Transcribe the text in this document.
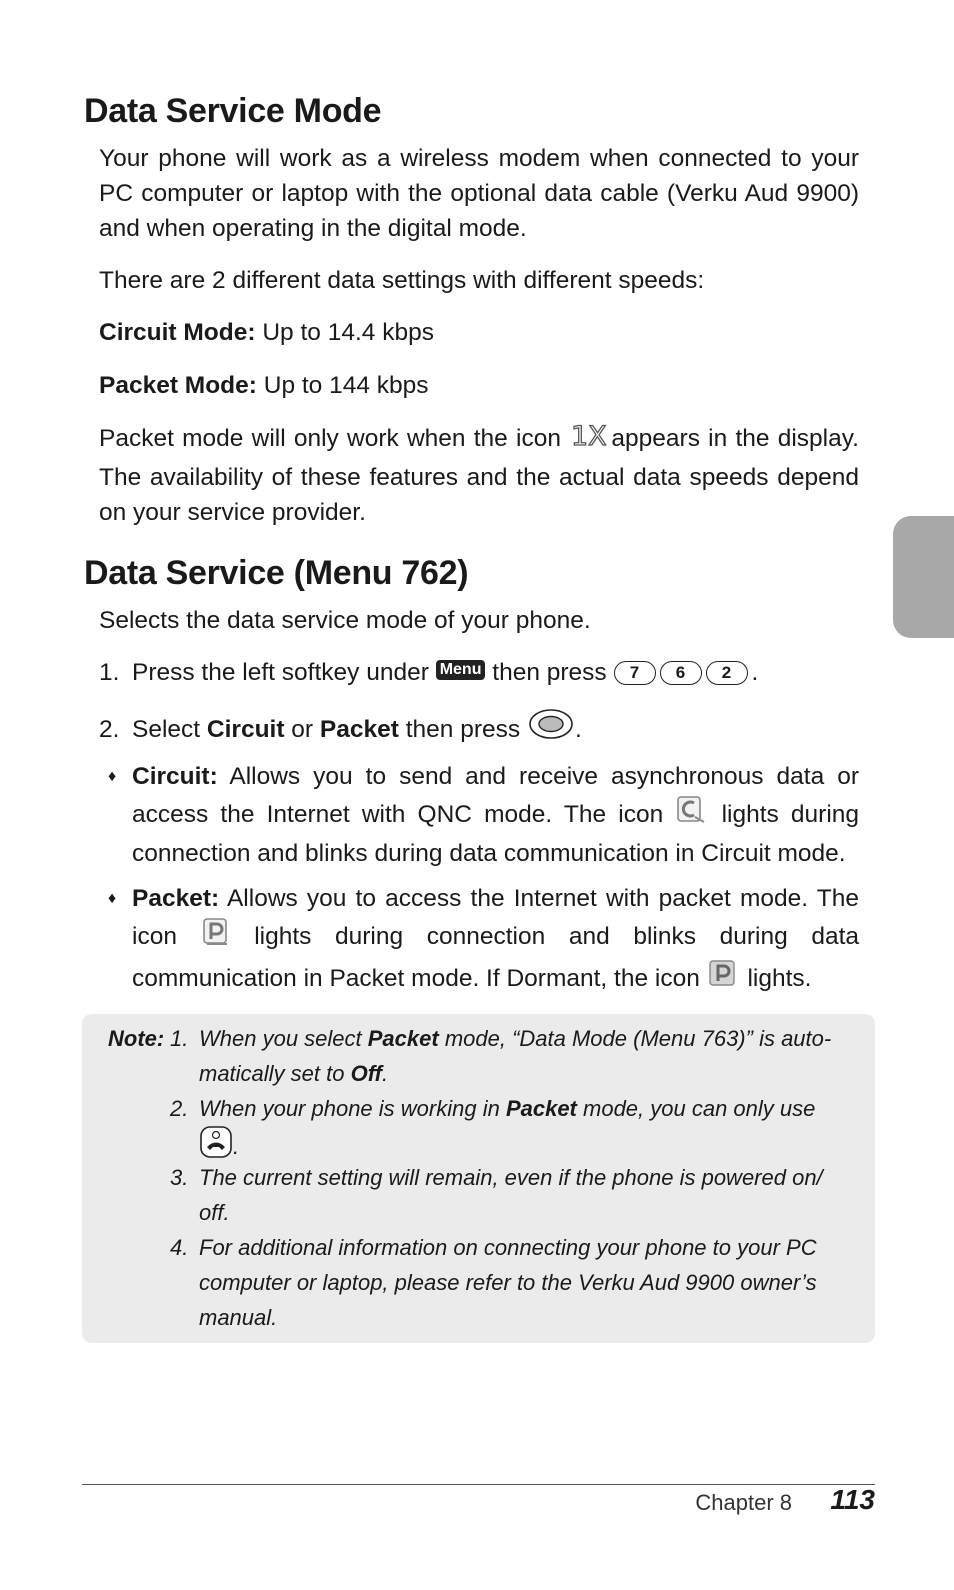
Data Service Mode

Your phone will work as a wireless modem when connected to your PC computer or laptop with the optional data cable (Verku Aud 9900) and when operating in the digital mode.

There are 2 different data settings with different speeds:

Circuit Mode: Up to 14.4 kbps

Packet Mode: Up to 144 kbps

Packet mode will only work when the icon 1X appears in the display. The availability of these features and the actual data speeds depend on your service provider.

Data Service (Menu 762)

Selects the data service mode of your phone.

1. Press the left softkey under Menu then press 7 6 2 .
2. Select Circuit or Packet then press .
♦ Circuit: Allows you to send and receive asynchronous data or access the Internet with QNC mode. The icon lights during connection and blinks during data communication in Circuit mode.
♦ Packet: Allows you to access the Internet with packet mode. The icon	lights during connection and blinks during data communication in Packet mode. If Dormant, the icon lights.
Note: 1. When you select Packet mode, “Data Mode (Menu 763)” is auto-
matically set to Off.
2. When your phone is working in Packet mode, you can only use
.
3. The current setting will remain, even if the phone is powered on/
off.
4. For additional information on connecting your phone to your PC
computer or laptop, please refer to the Verku Aud 9900 owner’s
manual.
Chapter 8 113
